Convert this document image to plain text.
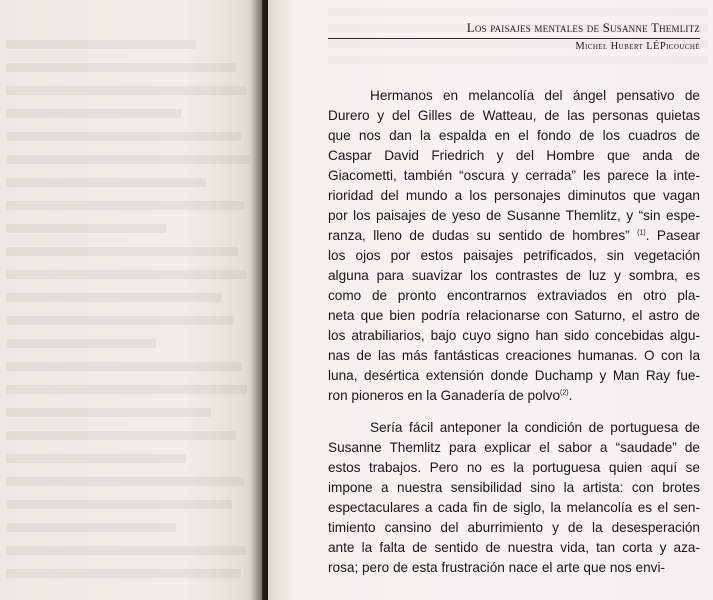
Los paisajes mentales de Susanne Themlitz
Michel Hubert LÉPicouché
Hermanos en melancolía del ángel pensativo de
Durero y del Gilles de Watteau, de las personas quietas
que nos dan la espalda en el fondo de los cuadros de
Caspar David Friedrich y del Hombre que anda de
Giacometti, también “oscura y cerrada” les parece la inte-
rioridad del mundo a los personajes diminutos que vagan
por los paisajes de yeso de Susanne Themlitz, y “sin espe-
ranza, lleno de dudas su sentido de hombres” $^{(1)}$. Pasear
los ojos por estos paisajes petrificados, sin vegetación
alguna para suavizar los contrastes de luz y sombra, es
como de pronto encontrarnos extraviados en otro pla-
neta que bien podría relacionarse con Saturno, el astro de
los atrabiliarios, bajo cuyo signo han sido concebidas algu-
nas de las más fantásticas creaciones humanas. O con la
luna, desértica extensión donde Duchamp y Man Ray fue-
ron pioneros en la Ganadería de polvo$^{(2)}$.
Sería fácil anteponer la condición de portuguesa de
Susanne Themlitz para explicar el sabor a “saudade” de
estos trabajos. Pero no es la portuguesa quien aquí se
impone a nuestra sensibilidad sino la artista: con brotes
espectaculares a cada fin de siglo, la melancolía es el sen-
timiento cansino del aburrimiento y de la desesperación
ante la falta de sentido de nuestra vida, tan corta y aza-
rosa; pero de esta frustración nace el arte que nos envi-
